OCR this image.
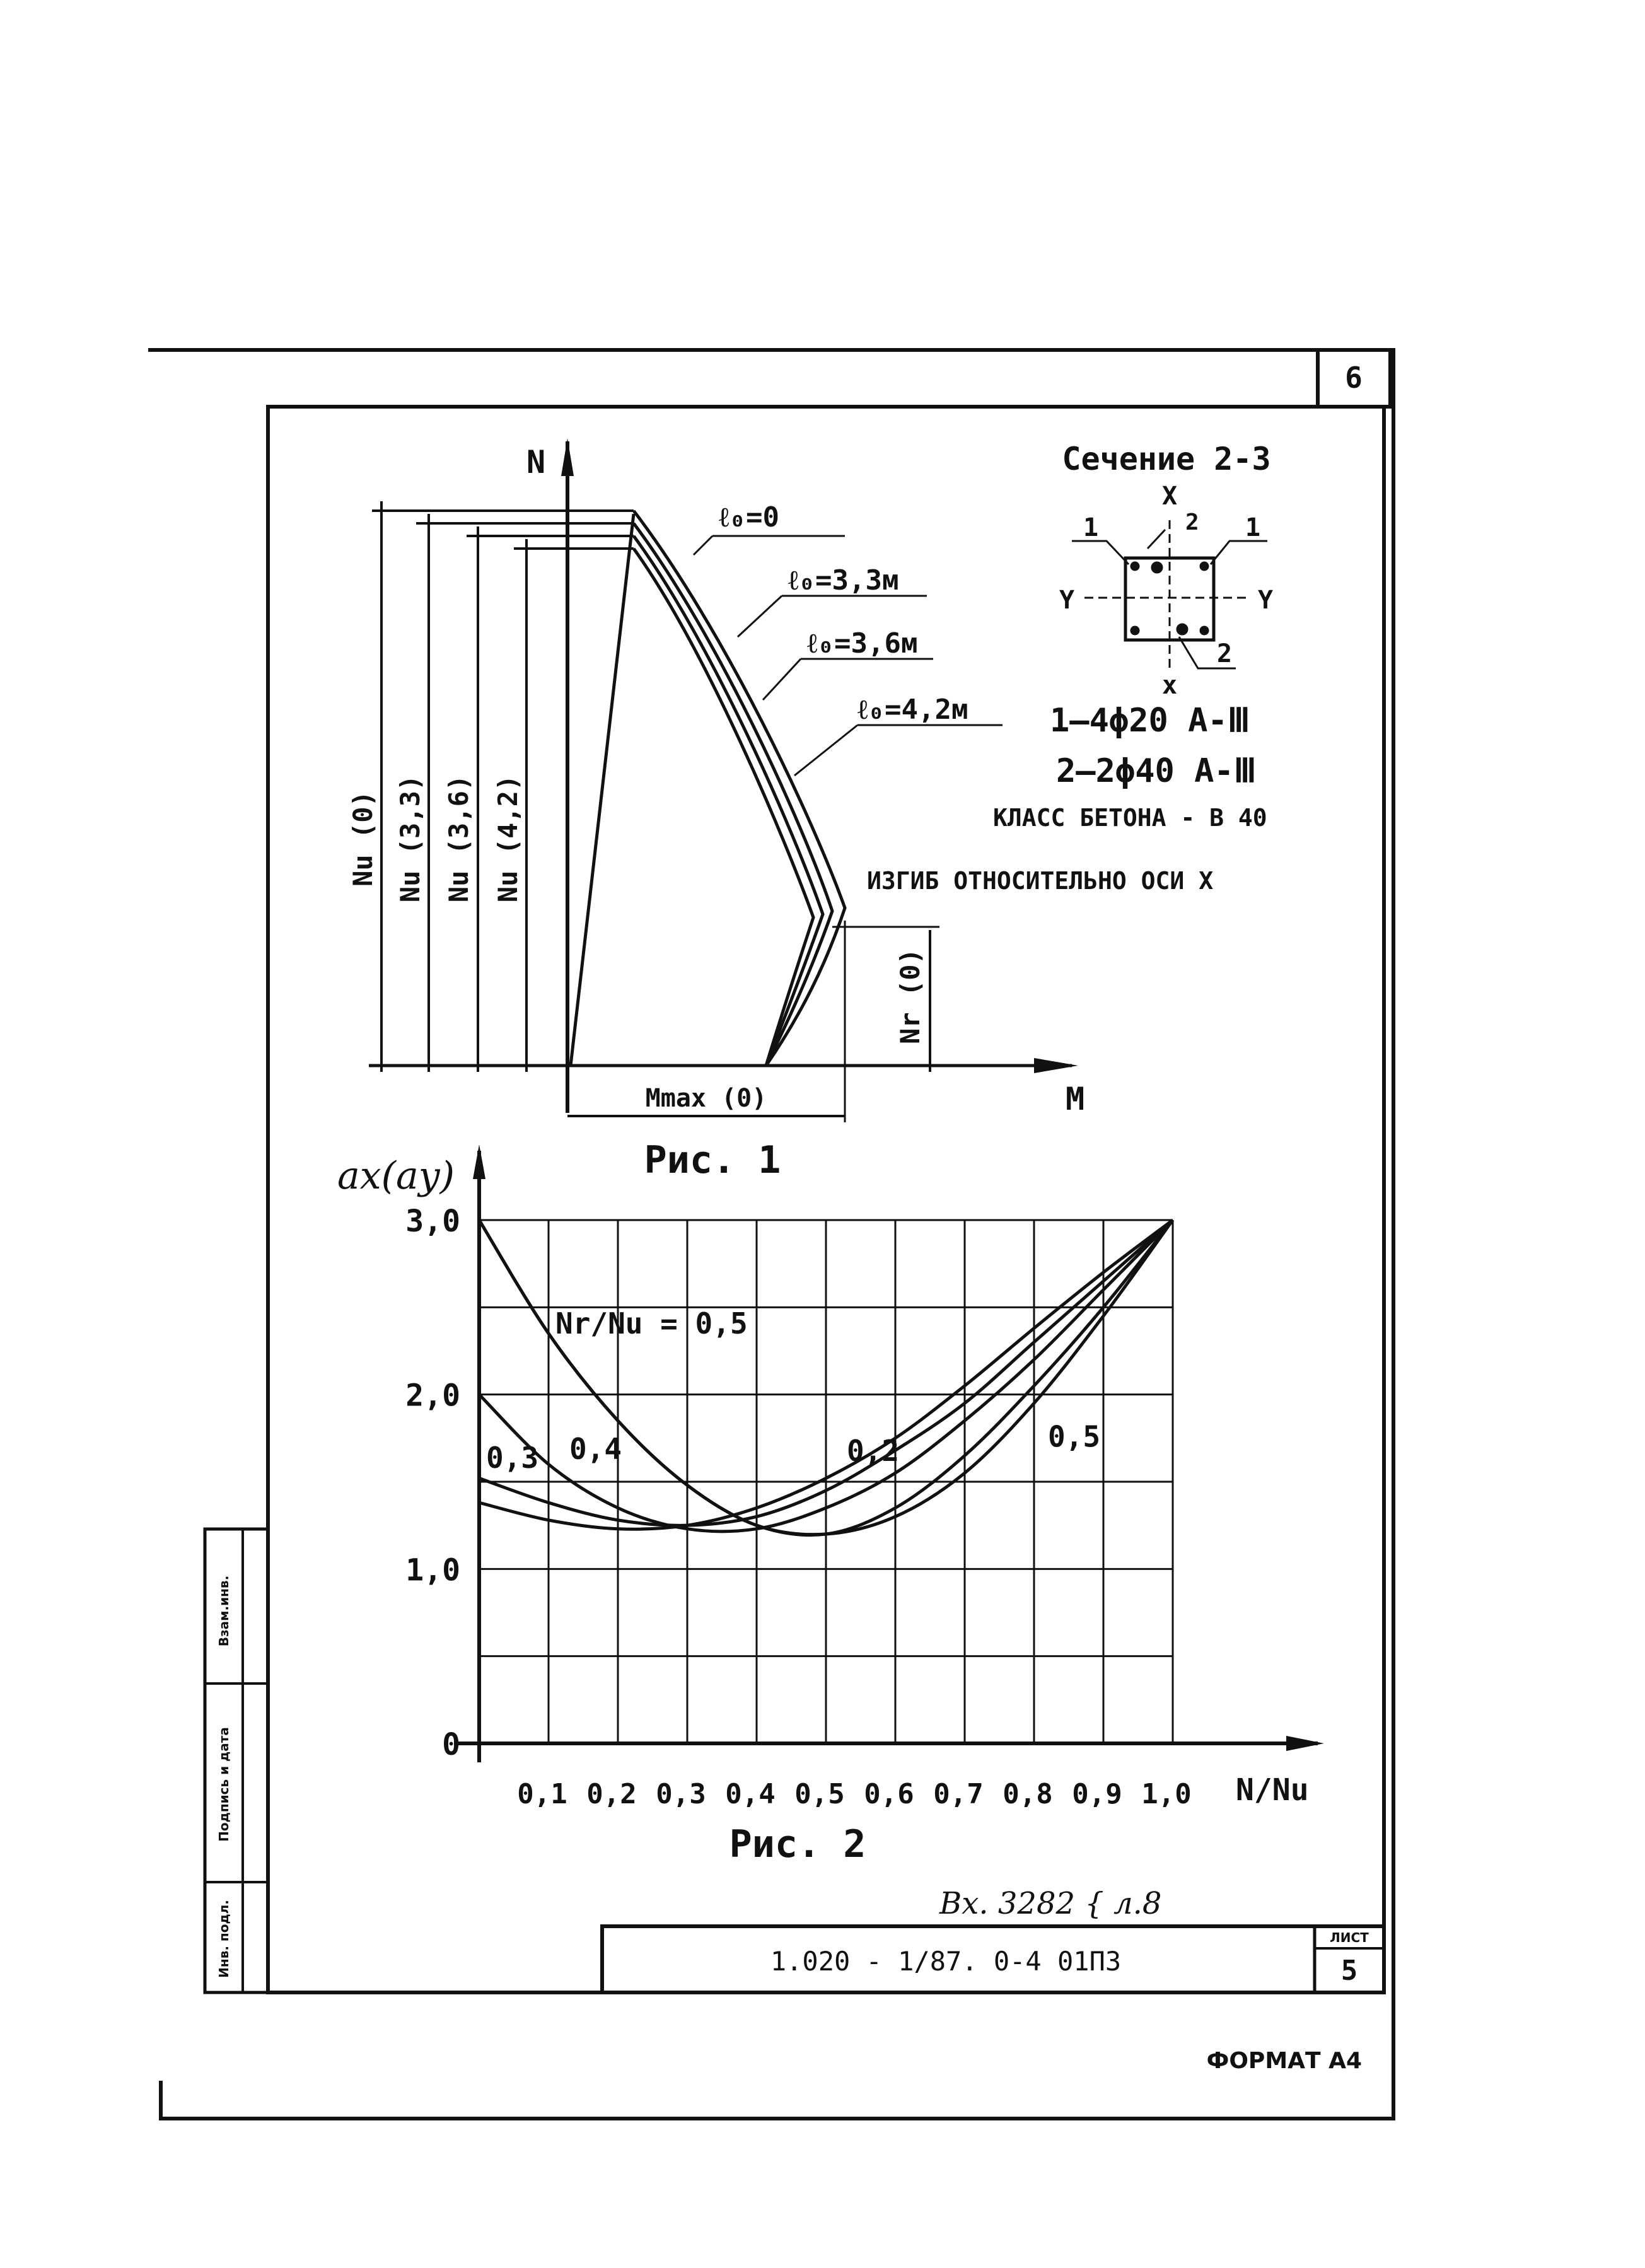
6
Взам.инв.
Подпись и дата
Инв. подл.	ЛИСТ
5
1.020 - 1/87. 0-4 01ПЗ
Вх. 3282 { л.8
ФОРМАТ А4
N
M
ℓ₀=0
ℓ₀=3,3м
ℓ₀=3,6м
ℓ₀=4,2м
Nu (0) Nu (3,3) Nu (3,6) Nu (4,2)
Nr (0)
Mmax (0)
Рис. 1
Сечение 2-3
X
x
Y	Y
1	1
2
2
1—4ϕ20 А-Ⅲ
2—2ϕ40 А-Ⅲ
КЛАСС БЕТОНА - В 40
ИЗГИБ ОТНОСИТЕЛЬНО ОСИ X
0,1 0,2 0,3 0,4 0,5 0,6 0,7 0,8 0,9 1,0
0
1,0
2,0
3,0
Nr/Nu = 0,5
0,4
0,3	0,2	0,5
ax(ay)
N/Nu
Рис. 2
